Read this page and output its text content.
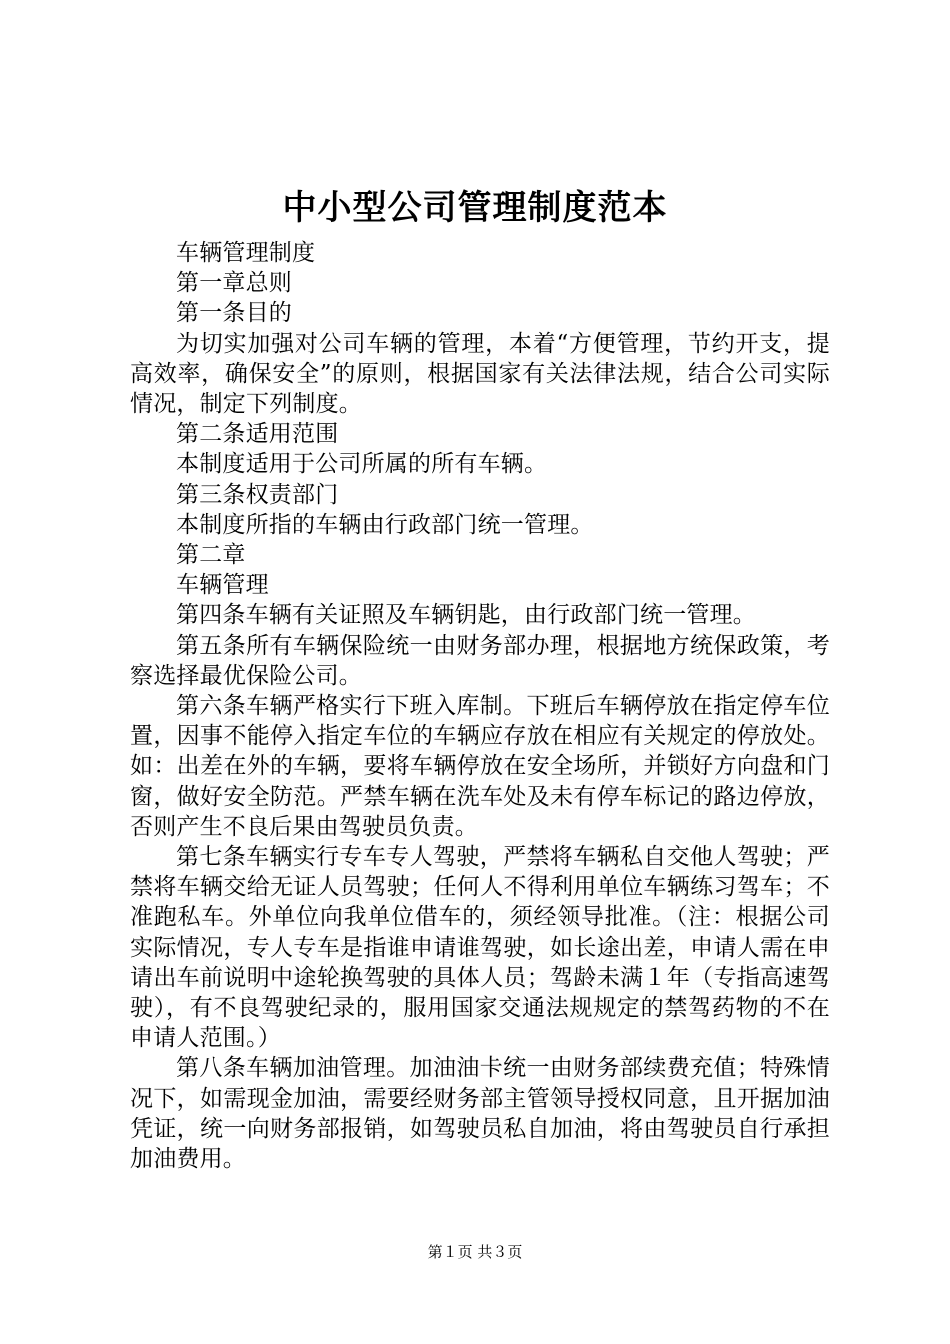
中小型公司管理制度范本

车辆管理制度

第一章总则

第一条目的

为切实加强对公司车辆的管理，本着“方便管理，节约开支，提高效率，确保安全”的原则，根据国家有关法律法规，结合公司实际情况，制定下列制度。

第二条适用范围

本制度适用于公司所属的所有车辆。

第三条权责部门

本制度所指的车辆由行政部门统一管理。

第二章

车辆管理

第四条车辆有关证照及车辆钥匙，由行政部门统一管理。

第五条所有车辆保险统一由财务部办理，根据地方统保政策，考察选择最优保险公司。

第六条车辆严格实行下班入库制。下班后车辆停放在指定停车位置，因事不能停入指定车位的车辆应存放在相应有关规定的停放处。如：出差在外的车辆，要将车辆停放在安全场所，并锁好方向盘和门窗，做好安全防范。严禁车辆在洗车处及未有停车标记的路边停放，否则产生不良后果由驾驶员负责。

第七条车辆实行专车专人驾驶，严禁将车辆私自交他人驾驶；严禁将车辆交给无证人员驾驶；任何人不得利用单位车辆练习驾车；不准跑私车。外单位向我单位借车的，须经领导批准。（注：根据公司实际情况，专人专车是指谁申请谁驾驶，如长途出差，申请人需在申请出车前说明中途轮换驾驶的具体人员；驾龄未满１年（专指高速驾驶），有不良驾驶纪录的，服用国家交通法规规定的禁驾药物的不在申请人范围。）

第八条车辆加油管理。加油油卡统一由财务部续费充值；特殊情况下，如需现金加油，需要经财务部主管领导授权同意，且开据加油凭证，统一向财务部报销，如驾驶员私自加油，将由驾驶员自行承担加油费用。

第１页 共３页
